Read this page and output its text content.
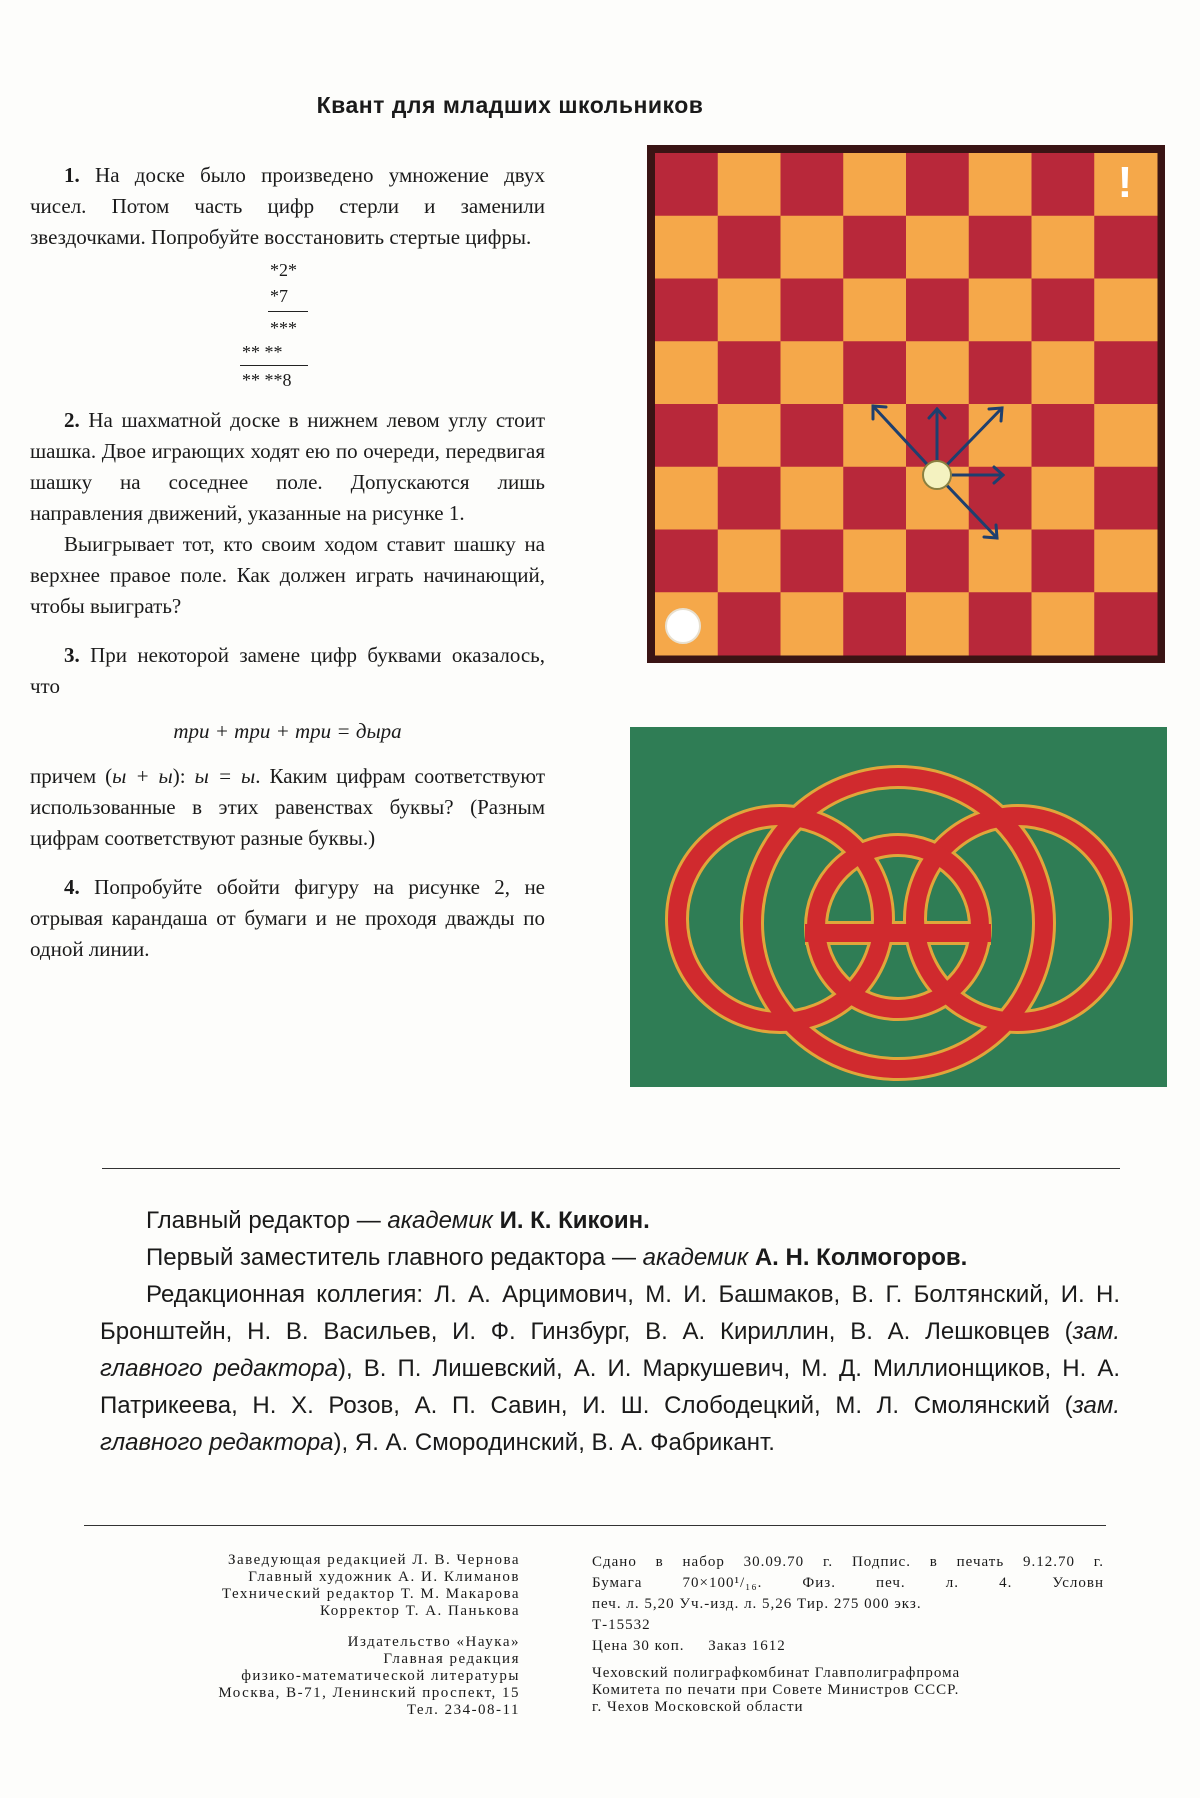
Квант для младших школьников

1. На доске было произведено умножение двух чисел. Потом часть цифр стерли и заменили звездочками. Попробуйте восстановить стертые цифры.

*2*
*7
***
** **
** **8

2. На шахматной доске в нижнем левом углу стоит шашка. Двое играющих ходят ею по очереди, передвигая шашку на соседнее поле. Допускаются лишь направления движений, указанные на рисунке 1.

Выигрывает тот, кто своим ходом ставит шашку на верхнее правое поле. Как должен играть начинающий, чтобы выиграть?

3. При некоторой замене цифр буквами оказалось, что

три + три + три = дыра

причем (ы + ы): ы = ы. Каким цифрам соответствуют использованные в этих равенствах буквы? (Разным цифрам соответствуют разные буквы.)

4. Попробуйте обойти фигуру на рисунке 2, не отрывая карандаша от бумаги и не проходя дважды по одной линии.

!

Главный редактор — академик И. К. Кикоин.

Первый заместитель главного редактора — академик А. Н. Колмогоров.

Редакционная коллегия: Л. А. Арцимович, М. И. Башмаков, В. Г. Болтянский, И. Н. Бронштейн, Н. В. Васильев, И. Ф. Гинзбург, В. А. Кириллин, В. А. Лешковцев (зам. главного редактора), В. П. Лишевский, А. И. Маркушевич, М. Д. Миллионщиков, Н. А. Патрикеева, Н. Х. Розов, А. П. Савин, И. Ш. Слободецкий, М. Л. Смолянский (зам. главного редактора), Я. А. Смородинский, В. А. Фабрикант.

Заведующая редакцией Л. В. Чернова
Главный художник А. И. Климанов
Технический редактор Т. М. Макарова
Корректор Т. А. Панькова
Издательство «Наука»
Главная редакция
физико-математической литературы
Москва, В-71, Ленинский проспект, 15
Тел. 234-08-11
Сдано в набор 30.09.70 г. Подпис. в печать 9.12.70 г.
Бумага 70×100¹/₁₆. Физ. печ. л. 4. Условн
печ. л. 5,20 Уч.-изд. л. 5,26 Тир. 275 000 экз.
Т-15532
Цена 30 коп.     Заказ 1612
Чеховский полиграфкомбинат Главполиграфпрома
Комитета по печати при Совете Министров СССР.
г. Чехов Московской области
